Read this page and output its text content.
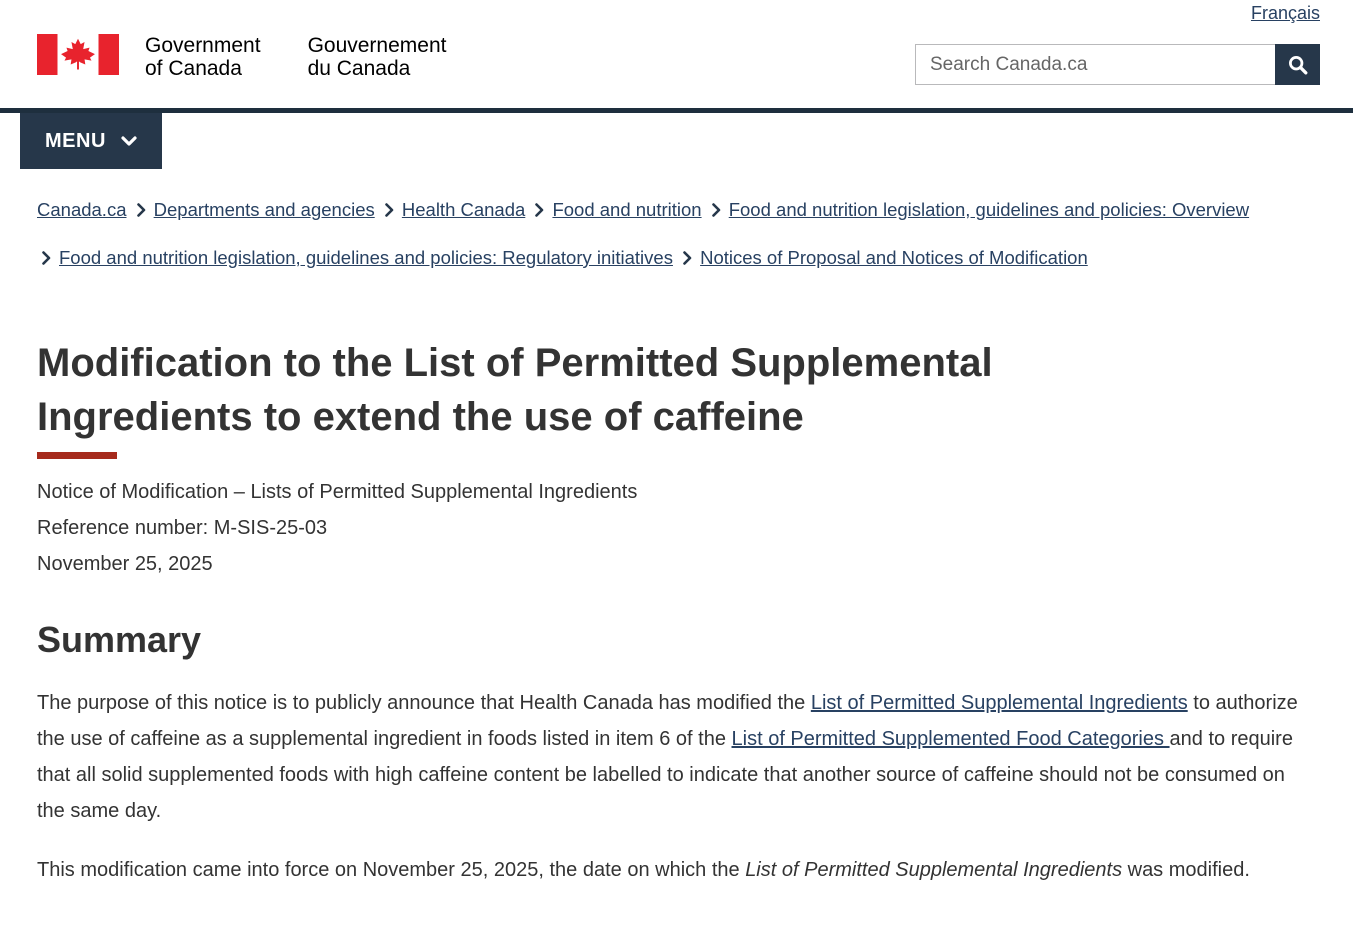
Français
Government
of Canada
Gouvernement
du Canada
Search Canada.ca
MENU
Canada.ca Departments and agencies Health Canada Food and nutrition Food and nutrition legislation, guidelines and policies: Overview Food and nutrition legislation, guidelines and policies: Regulatory initiatives Notices of Proposal and Notices of Modification
Modification to the List of Permitted Supplemental Ingredients to extend the use of caffeine

Notice of Modification – Lists of Permitted Supplemental Ingredients

Reference number: M-SIS-25-03

November 25, 2025

Summary

The purpose of this notice is to publicly announce that Health Canada has modified the List of Permitted Supplemental Ingredients to authorize the use of caffeine as a supplemental ingredient in foods listed in item 6 of the List of Permitted Supplemented Food Categories and to require that all solid supplemented foods with high caffeine content be labelled to indicate that another source of caffeine should not be consumed on the same day.

This modification came into force on November 25, 2025, the date on which the List of Permitted Supplemental Ingredients was modified.
